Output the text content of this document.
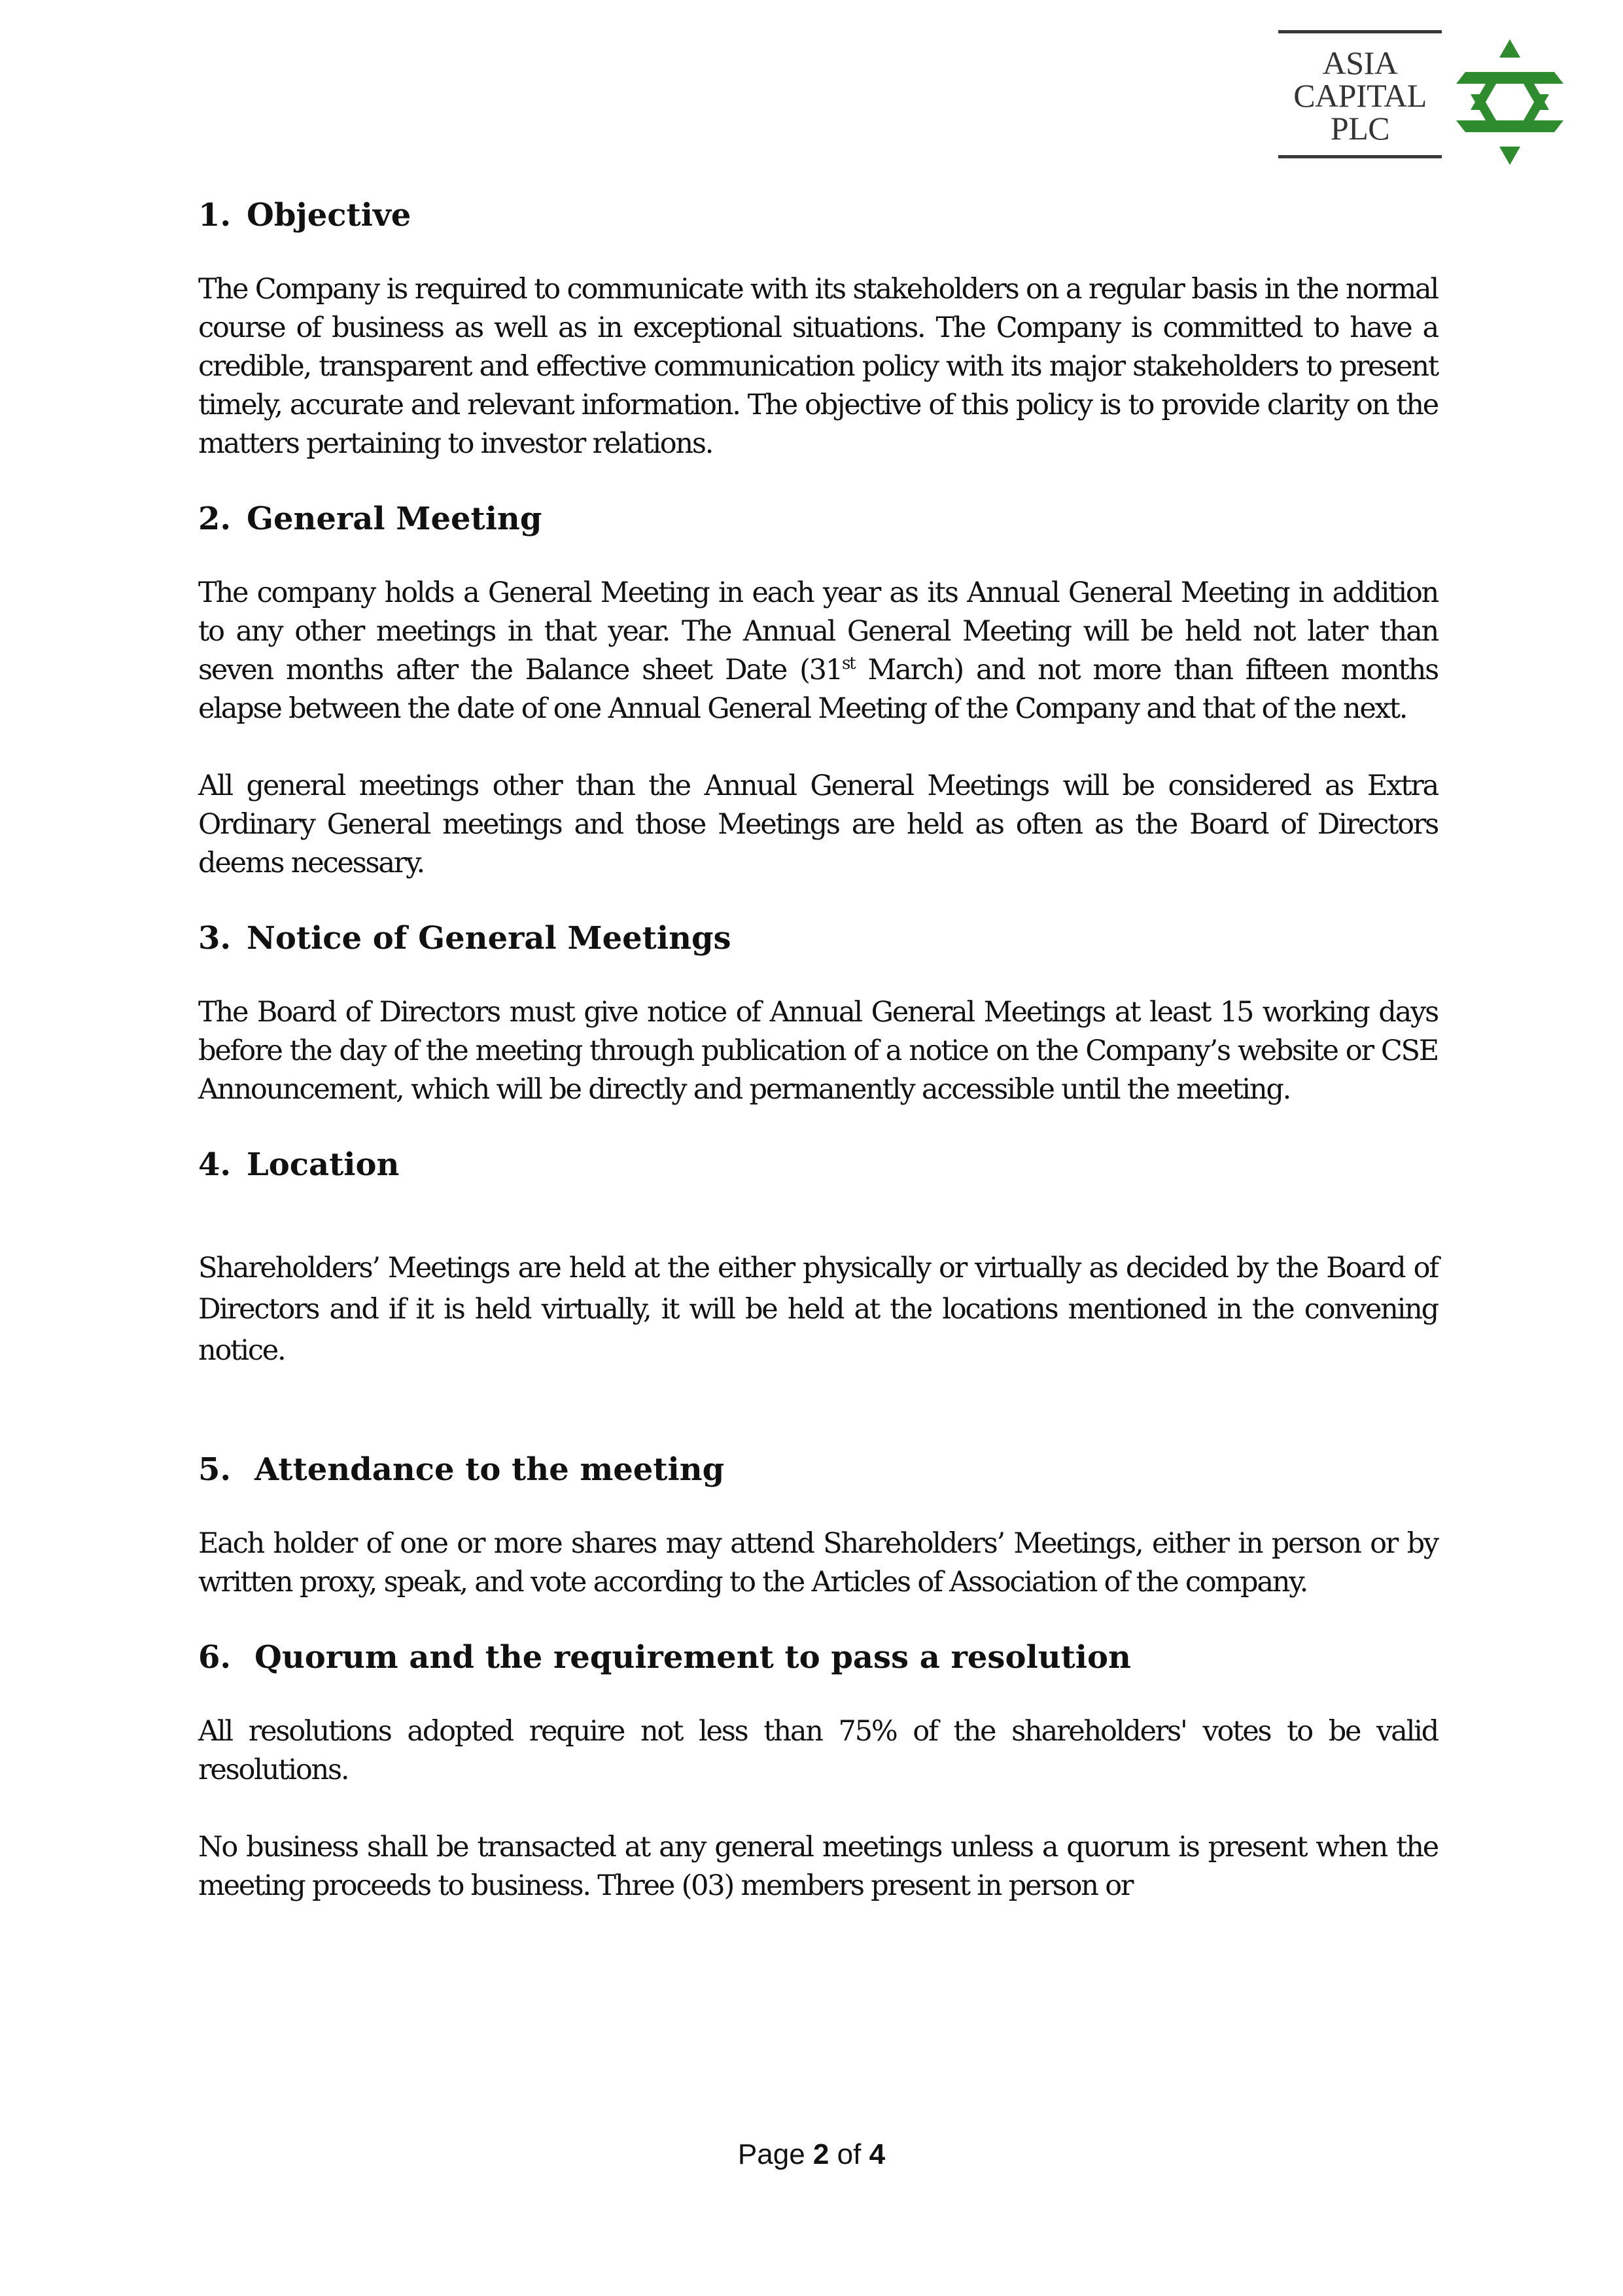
ASIA
CAPITAL
PLC
1. Objective

The Company is required to communicate with its stakeholders on a regular basis in the normal course of business as well as in exceptional situations. The Company is committed to have a credible, transparent and effective communication policy with its major stakeholders to present timely, accurate and relevant information. The objective of this policy is to provide clarity on the matters pertaining to investor relations.

2. General Meeting

The company holds a General Meeting in each year as its Annual General Meeting in addition to any other meetings in that year. The Annual General Meeting will be held not later than seven months after the Balance sheet Date (31st March) and not more than fifteen months elapse between the date of one Annual General Meeting of the Company and that of the next.

All general meetings other than the Annual General Meetings will be considered as Extra Ordinary General meetings and those Meetings are held as often as the Board of Directors deems necessary.

3. Notice of General Meetings

The Board of Directors must give notice of Annual General Meetings at least 15 working days before the day of the meeting through publication of a notice on the Company’s website or CSE Announcement, which will be directly and permanently accessible until the meeting.

4. Location

Shareholders’ Meetings are held at the either physically or virtually as decided by the Board of Directors and if it is held virtually, it will be held at the locations mentioned in the convening notice.

5. Attendance to the meeting

Each holder of one or more shares may attend Shareholders’ Meetings, either in person or by written proxy, speak, and vote according to the Articles of Association of the company.

6. Quorum and the requirement to pass a resolution

All resolutions adopted require not less than 75% of the shareholders' votes to be valid resolutions.

No business shall be transacted at any general meetings unless a quorum is present when the meeting proceeds to business. Three (03) members present in person or

Page 2 of 4
